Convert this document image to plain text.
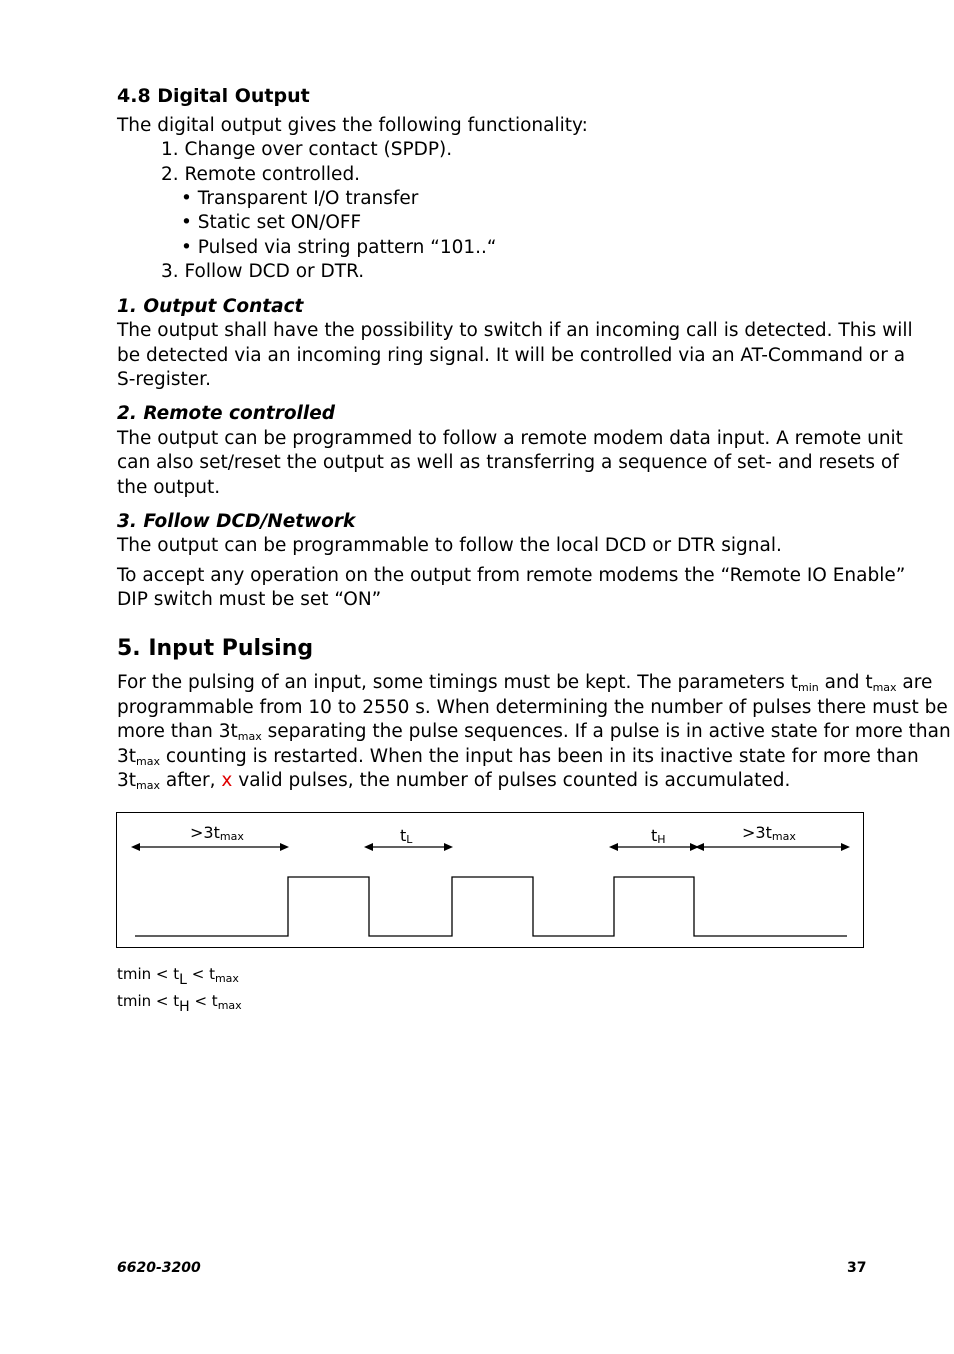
4.8 Digital Output
The digital output gives the following functionality:
1. Change over contact (SPDP).
2. Remote controlled.
• Transparent I/O transfer
• Static set ON/OFF
• Pulsed via string pattern “101..“
3. Follow DCD or DTR.
1. Output Contact
The output shall have the possibility to switch if an incoming call is detected. This will
be detected via an incoming ring signal. It will be controlled via an AT-Command or a
S-register.
2. Remote controlled
The output can be programmed to follow a remote modem data input. A remote unit
can also set/reset the output as well as transferring a sequence of set- and resets of
the output.
3. Follow DCD/Network
The output can be programmable to follow the local DCD or DTR signal.
To accept any operation on the output from remote modems the “Remote IO Enable”
DIP switch must be set “ON”
5. Input Pulsing
For the pulsing of an input, some timings must be kept. The parameters $t_{min}$ and $t_{max}$ are
programmable from 10 to 2550 s. When determining the number of pulses there must be
more than $3t_{max}$ separating the pulse sequences. If a pulse is in active state for more than
$3t_{max}$ counting is restarted. When the input has been in its inactive state for more than
$3t_{max}$ after, x valid pulses, the number of pulses counted is accumulated.
$>3t_{max}$	$t_L$	$t_H$	$>3t_{max}$
$tmin < t_L < t_{max}$
$tmin < t_H < t_{max}$
6620-3200	37
